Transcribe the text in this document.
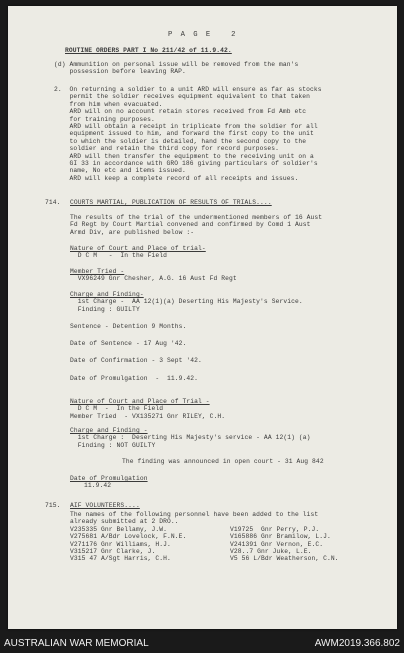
P A G E   2
ROUTINE ORDERS PART I No 211/42 of 11.9.42.
(d) Ammunition on personal issue will be removed from the man's
possession before leaving RAP.
2.  On returning a soldier to a unit ARD will ensure as far as stocks
permit the soldier receives equipment equivalent to that taken
from him when evacuated.
ARD will on no account retain stores received from Fd Amb etc
for training purposes.
ARD will obtain a receipt in triplicate from the soldier for all
equipment issued to him, and forward the first copy to the unit
to which the soldier is detailed, hand the second copy to the
soldier and retain the third copy for record purposes.
ARD will then transfer the equipment to the receiving unit on a
GI 33 in accordance with GRO 186 giving particulars of soldier's
name, No etc and items issued.
ARD will keep a complete record of all receipts and issues.
714. COURTS MARTIAL, PUBLICATION OF RESULTS OF TRIALS....
The results of the trial of the undermentioned members of 16 Aust
Fd Regt by Court Martial convened and confirmed by Comd 1 Aust
Armd Div, are published below :-
Nature of Court and Place of trial-
D C M   -  In the Field
Member Tried -
VX96249 Gnr Chesher, A.G. 16 Aust Fd Regt
Charge and Finding-
1st Charge -  AA 12(1)(a) Deserting His Majesty's Service.
Finding : GUILTY
Sentence - Detention 9 Months.
Date of Sentence - 17 Aug '42.
Date of Confirmation - 3 Sept '42.
Date of Promulgation  -  11.9.42.
Nature of Court and Place of Trial -
D C M  -  In the Field
Member Tried  - VX135271 Gnr RILEY, C.H.
Charge and Finding -
1st Charge :  Deserting His Majesty's service - AA 12(1) (a)
Finding : NOT GUILTY
The finding was announced in open court - 31 Aug 842
Date of Promulgation
11.9.42
715. AIF VOLUNTEERS....
The names of the following personnel have been added to the list
already submitted at 2 DRO..
V235335 Gnr Bellamy, J.W.	V19725  Gnr Perry, P.J.
V275681 A/Bdr Lovelock, F.N.E.	V165886 Gnr Bramilow, L.J.
V271176 Gnr Williams, H.J.	V241391 Gnr Vernon, E.C.
V315217 Gnr Clarke, J.	V28..7 Gnr Juke, L.E.
V315 47 A/Sgt Harris, C.H.	V5 56 L/Bdr Weatherson, C.N.
AUSTRALIAN WAR MEMORIAL	AWM2019.366.802
